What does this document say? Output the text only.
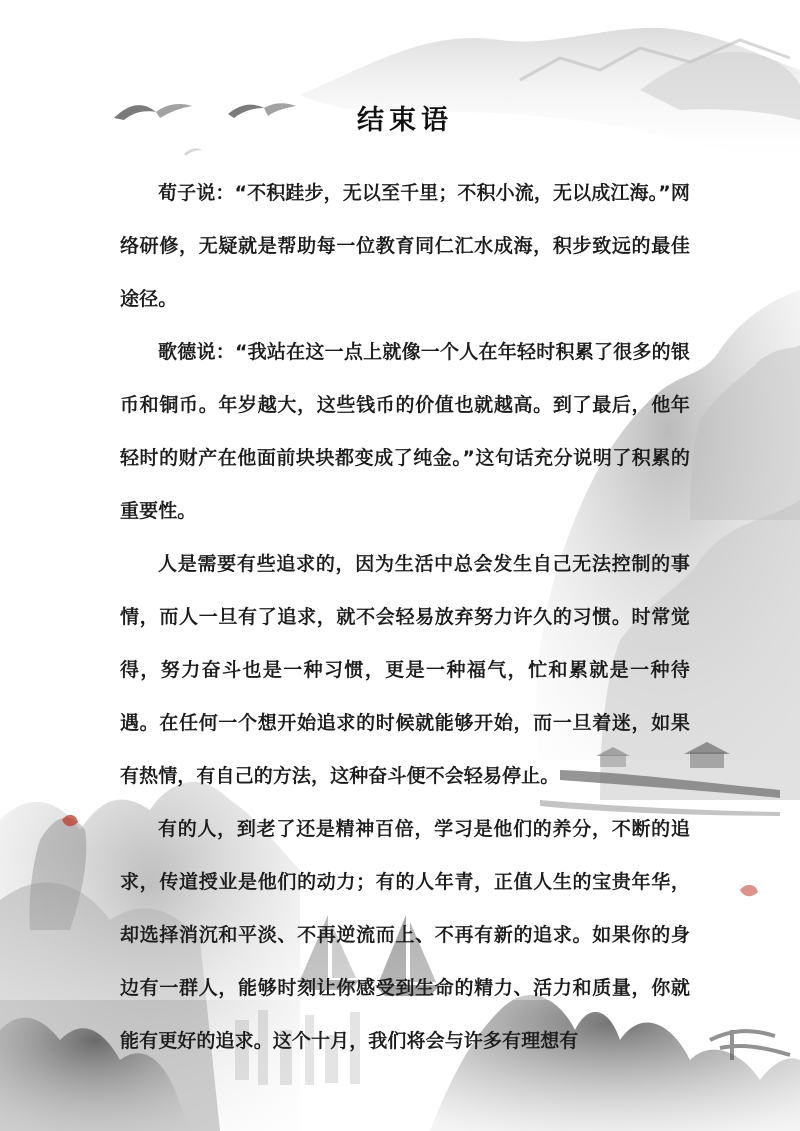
结束语

荀子说：“不积跬步，无以至千里；不积小流，无以成江海。”网络研修，无疑就是帮助每一位教育同仁汇水成海，积步致远的最佳途径。

歌德说：“我站在这一点上就像一个人在年轻时积累了很多的银币和铜币。年岁越大，这些钱币的价值也就越高。到了最后，他年轻时的财产在他面前块块都变成了纯金。”这句话充分说明了积累的重要性。

人是需要有些追求的，因为生活中总会发生自己无法控制的事情，而人一旦有了追求，就不会轻易放弃努力许久的习惯。时常觉得，努力奋斗也是一种习惯，更是一种福气，忙和累就是一种待遇。在任何一个想开始追求的时候就能够开始，而一旦着迷，如果有热情，有自己的方法，这种奋斗便不会轻易停止。

有的人，到老了还是精神百倍，学习是他们的养分，不断的追求，传道授业是他们的动力；有的人年青，正值人生的宝贵年华，却选择消沉和平淡、不再逆流而上、不再有新的追求。如果你的身边有一群人，能够时刻让你感受到生命的精力、活力和质量，你就能有更好的追求。这个十月，我们将会与许多有理想有
